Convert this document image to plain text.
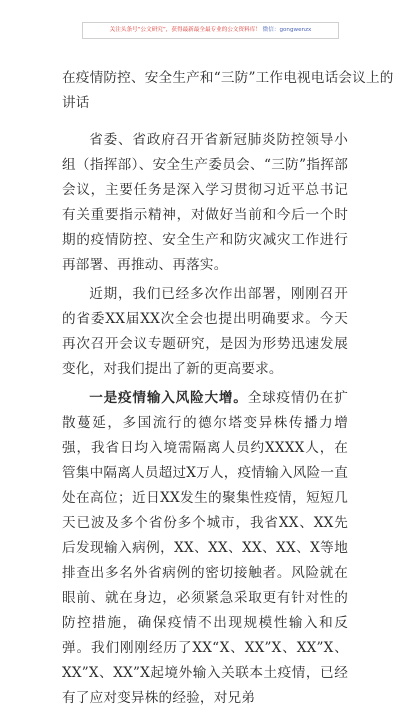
关注头条号“公文研究”，获得最新最全最专业的公文资料库！ 微信：gongwenzx
在疫情防控、安全生产和“三防”工作电视电话会议上的
讲话

省委、省政府召开省新冠肺炎防控领导小组（指挥部）、安全生产委员会、“三防”指挥部会议，主要任务是深入学习贯彻习近平总书记有关重要指示精神，对做好当前和今后一个时期的疫情防控、安全生产和防灾减灾工作进行再部署、再推动、再落实。

近期，我们已经多次作出部署，刚刚召开的省委XX届XX次全会也提出明确要求。今天再次召开会议专题研究，是因为形势迅速发展变化，对我们提出了新的更高要求。

一是疫情输入风险大增。全球疫情仍在扩散蔓延，多国流行的德尔塔变异株传播力增强，我省日均入境需隔离人员约XXXX人，在管集中隔离人员超过X万人，疫情输入风险一直处在高位；近日XX发生的聚集性疫情，短短几天已波及多个省份多个城市，我省XX、XX先后发现输入病例，XX、XX、XX、XX、X等地排查出多名外省病例的密切接触者。风险就在眼前、就在身边，必须紧急采取更有针对性的防控措施，确保疫情不出现规模性输入和反弹。我们刚刚经历了XX“X、XX”X、XX”X、XX”X、XX”X起境外输入关联本土疫情，已经有了应对变异株的经验，对兄弟
